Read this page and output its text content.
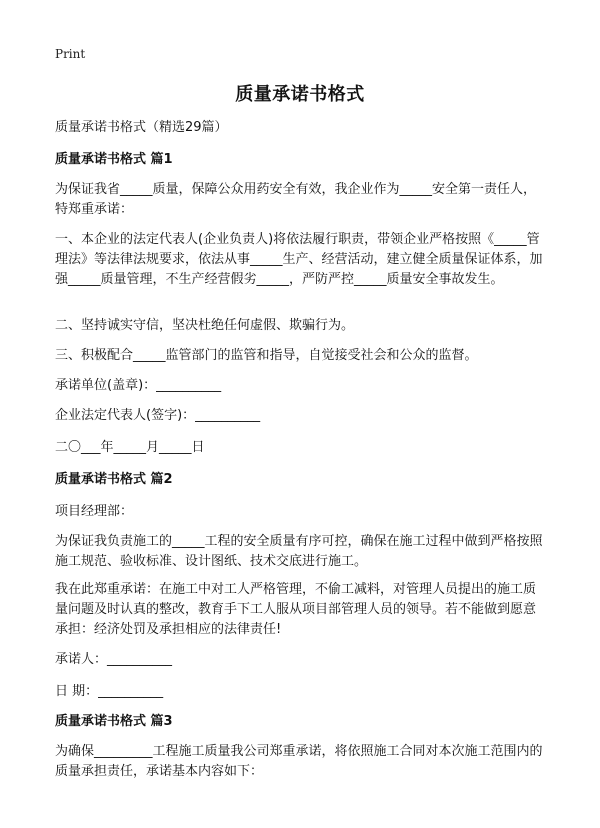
Print
质量承诺书格式

质量承诺书格式（精选29篇）

质量承诺书格式 篇1

为保证我省_____质量，保障公众用药安全有效，我企业作为_____安全第一责任人，特郑重承诺：

一、本企业的法定代表人(企业负责人)将依法履行职责，带领企业严格按照《_____管理法》等法律法规要求，依法从事_____生产、经营活动，建立健全质量保证体系，加强_____质量管理，不生产经营假劣_____，严防严控_____质量安全事故发生。

二、坚持诚实守信，坚决杜绝任何虚假、欺骗行为。

三、积极配合_____监管部门的监管和指导，自觉接受社会和公众的监督。

承诺单位(盖章)：__________

企业法定代表人(签字)：__________

二〇___年_____月_____日

质量承诺书格式 篇2

项目经理部：

为保证我负责施工的_____工程的安全质量有序可控，确保在施工过程中做到严格按照施工规范、验收标准、设计图纸、技术交底进行施工。

我在此郑重承诺：在施工中对工人严格管理，不偷工减料，对管理人员提出的施工质量问题及时认真的整改，教育手下工人服从项目部管理人员的领导。若不能做到愿意承担：经济处罚及承担相应的法律责任!

承诺人：__________

日 期：__________

质量承诺书格式 篇3

为确保_________工程施工质量我公司郑重承诺，将依照施工合同对本次施工范围内的质量承担责任，承诺基本内容如下：
